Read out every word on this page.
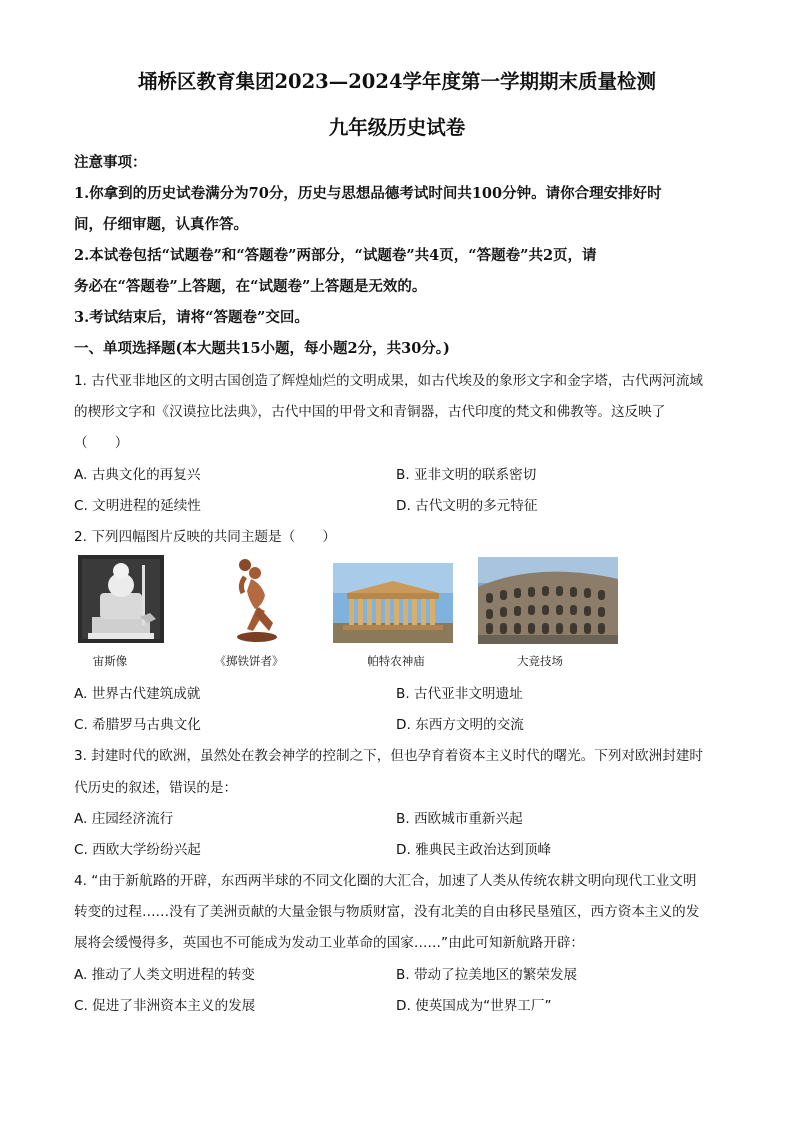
埇桥区教育集团2023—2024学年度第一学期期末质量检测
九年级历史试卷
注意事项：
1.你拿到的历史试卷满分为70分，历史与思想品德考试时间共100分钟。请你合理安排好时
间，仔细审题，认真作答。
2.本试卷包括“试题卷”和“答题卷”两部分，“试题卷”共4页，“答题卷”共2页，请
务必在“答题卷”上答题，在“试题卷”上答题是无效的。
3.考试结束后，请将“答题卷”交回。
一、单项选择题(本大题共15小题，每小题2分，共30分。)
1. 古代亚非地区的文明古国创造了辉煌灿烂的文明成果，如古代埃及的象形文字和金字塔，古代两河流域
的楔形文字和《汉谟拉比法典》，古代中国的甲骨文和青铜器，古代印度的梵文和佛教等。这反映了
（　　）
A. 古典文化的再复兴	B. 亚非文明的联系密切
C. 文明进程的延续性	D. 古代文明的多元特征
2. 下列四幅图片反映的共同主题是（　　）
宙斯像	《掷铁饼者》	帕特农神庙	大竞技场
A. 世界古代建筑成就	B. 古代亚非文明遗址
C. 希腊罗马古典文化	D. 东西方文明的交流
3. 封建时代的欧洲，虽然处在教会神学的控制之下，但也孕育着资本主义时代的曙光。下列对欧洲封建时
代历史的叙述，错误的是：
A. 庄园经济流行	B. 西欧城市重新兴起
C. 西欧大学纷纷兴起	D. 雅典民主政治达到顶峰
4. “由于新航路的开辟，东西两半球的不同文化圈的大汇合，加速了人类从传统农耕文明向现代工业文明
转变的过程……没有了美洲贡献的大量金银与物质财富，没有北美的自由移民垦殖区，西方资本主义的发
展将会缓慢得多，英国也不可能成为发动工业革命的国家……”由此可知新航路开辟：
A. 推动了人类文明进程的转变	B. 带动了拉美地区的繁荣发展
C. 促进了非洲资本主义的发展	D. 使英国成为“世界工厂”
